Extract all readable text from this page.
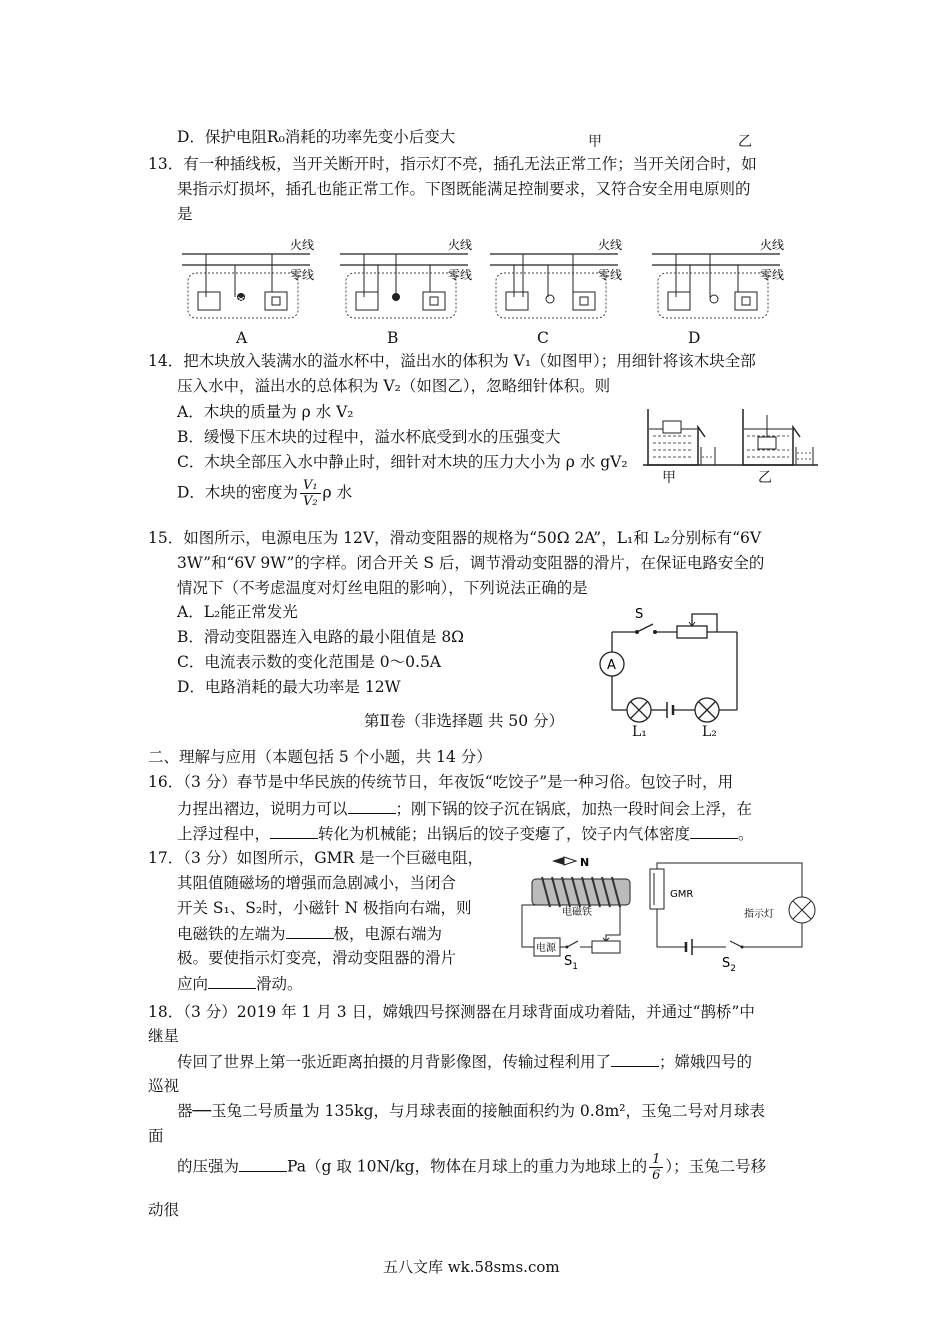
D．保护电阻R₀消耗的功率先变小后变大	甲	乙
13．有一种插线板，当开关断开时，指示灯不亮，插孔无法正常工作；当开关闭合时，如
果指示灯损坏，插孔也能正常工作。下图既能满足控制要求，又符合安全用电原则的
是
火线
零线
火线
零线
火线
零线
火线
零线
A	B	C	D
14．把木块放入装满水的溢水杯中，溢出水的体积为 V₁（如图甲）；用细针将该木块全部
压入水中，溢出水的总体积为 V₂（如图乙），忽略细针体积。则
A．木块的质量为 ρ 水 V₂
B．缓慢下压木块的过程中，溢水杯底受到水的压强变大
C．木块全部压入水中静止时，细针对木块的压力大小为 ρ 水 gV₂
D．木块的密度为 $\frac{\text{V₁}}{\text{V₂}}$ ρ 水
甲	乙
15．如图所示，电源电压为 12V，滑动变阻器的规格为“50Ω 2A”，L₁和 L₂分别标有“6V
3W”和“6V 9W”的字样。闭合开关 S 后，调节滑动变阻器的滑片，在保证电路安全的
情况下（不考虑温度对灯丝电阻的影响），下列说法正确的是
A．L₂能正常发光
B．滑动变阻器连入电路的最小阻值是 8Ω
C．电流表示数的变化范围是 0～0.5A
D．电路消耗的最大功率是 12W
S
A
L₁	L₂
第Ⅱ卷（非选择题 共 50 分）
二、理解与应用（本题包括 5 个小题，共 14 分）
16．（3 分）春节是中华民族的传统节日，年夜饭“吃饺子”是一种习俗。包饺子时，用
力捏出褶边，说明力可以	；刚下锅的饺子沉在锅底，加热一段时间会上浮，在
上浮过程中，	转化为机械能；出锅后的饺子变瘪了，饺子内气体密度	。
17．（3 分）如图所示，GMR 是一个巨磁电阻，
其阻值随磁场的增强而急剧减小，当闭合
开关 S₁、S₂时，小磁针 N 极指向右端，则
电磁铁的左端为	极，电源右端为
极。要使指示灯变亮，滑动变阻器的滑片
应向	滑动。
N
电磁铁
电源
$S_1$
GMR
指示灯
$S_2$
18．（3 分）2019 年 1 月 3 日，嫦娥四号探测器在月球背面成功着陆，并通过“鹊桥”中
继星
传回了世界上第一张近距离拍摄的月背影像图，传输过程利用了	；嫦娥四号的
巡视
器──玉兔二号质量为 135kg，与月球表面的接触面积约为 0.8m²，玉兔二号对月球表
面
的压强为	Pa（g 取 10N/kg，物体在月球上的重力为地球上的 $\frac{1}{6}$ ）；玉兔二号移
动很
五八文库 wk.58sms.com
